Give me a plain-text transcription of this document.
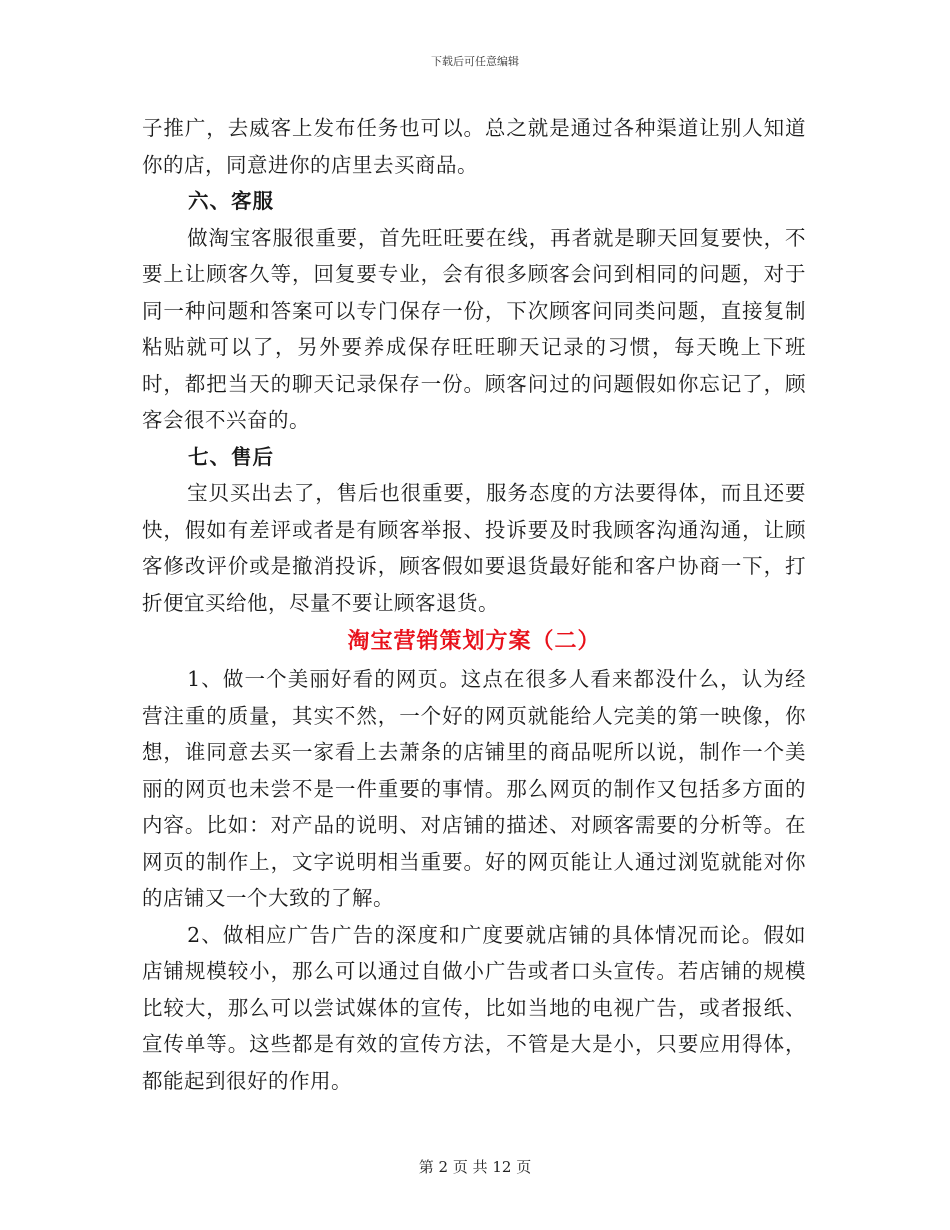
下载后可任意编辑

子推广，去威客上发布任务也可以。总之就是通过各种渠道让别人知道你的店，同意进你的店里去买商品。

六、客服

做淘宝客服很重要，首先旺旺要在线，再者就是聊天回复要快，不要上让顾客久等，回复要专业，会有很多顾客会问到相同的问题，对于同一种问题和答案可以专门保存一份，下次顾客问同类问题，直接复制粘贴就可以了，另外要养成保存旺旺聊天记录的习惯，每天晚上下班时，都把当天的聊天记录保存一份。顾客问过的问题假如你忘记了，顾客会很不兴奋的。

七、售后

宝贝买出去了，售后也很重要，服务态度的方法要得体，而且还要快，假如有差评或者是有顾客举报、投诉要及时我顾客沟通沟通，让顾客修改评价或是撤消投诉，顾客假如要退货最好能和客户协商一下，打折便宜买给他，尽量不要让顾客退货。

淘宝营销策划方案（二）

1、做一个美丽好看的网页。这点在很多人看来都没什么，认为经营注重的质量，其实不然，一个好的网页就能给人完美的第一映像，你想，谁同意去买一家看上去萧条的店铺里的商品呢所以说，制作一个美丽的网页也未尝不是一件重要的事情。那么网页的制作又包括多方面的内容。比如：对产品的说明、对店铺的描述、对顾客需要的分析等。在网页的制作上，文字说明相当重要。好的网页能让人通过浏览就能对你的店铺又一个大致的了解。

2、做相应广告广告的深度和广度要就店铺的具体情况而论。假如店铺规模较小，那么可以通过自做小广告或者口头宣传。若店铺的规模比较大，那么可以尝试媒体的宣传，比如当地的电视广告，或者报纸、宣传单等。这些都是有效的宣传方法，不管是大是小，只要应用得体，都能起到很好的作用。

第 2 页 共 12 页
